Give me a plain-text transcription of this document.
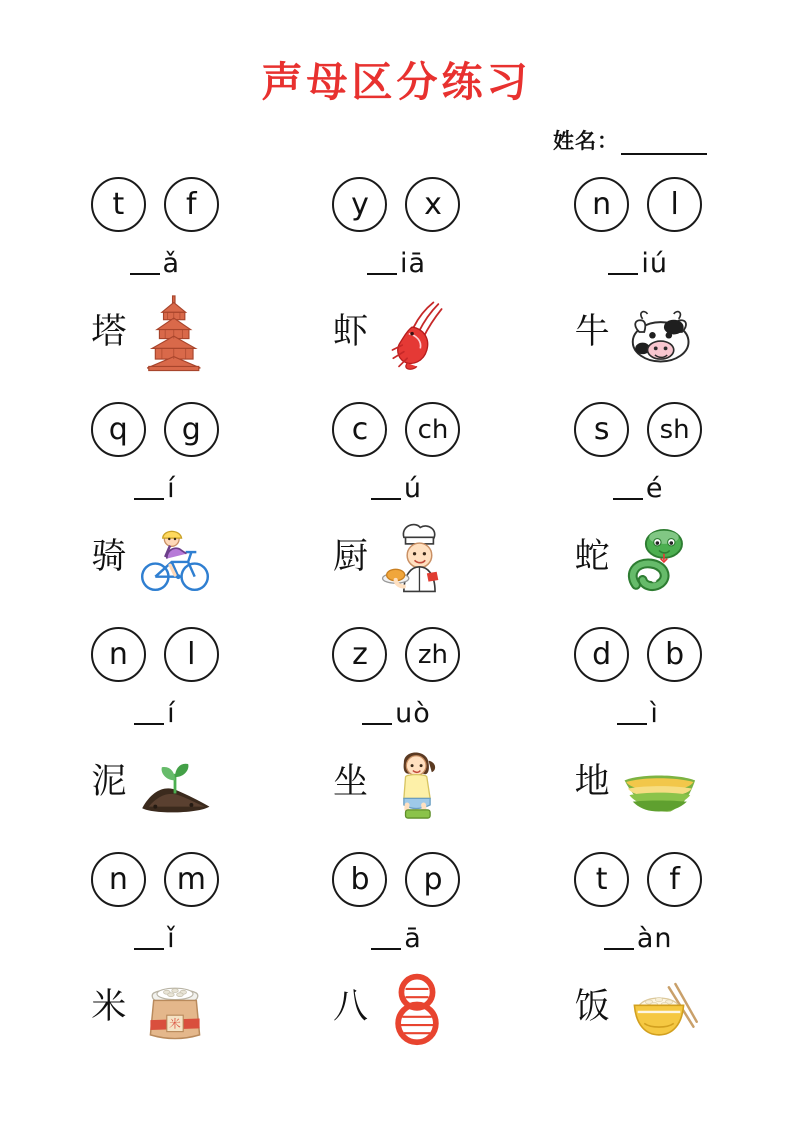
声母区分练习
姓名：
t	f
ǎ
塔
y	x
iā
虾
n	l
iú
牛
q	g
í
骑
c	ch
ú
厨
s	sh
é
蛇
n	l
í
泥
z	zh
uò
坐
d	b
ì
地
n	m
ǐ
米	米
b	p
ā
八
t	f
àn
饭
